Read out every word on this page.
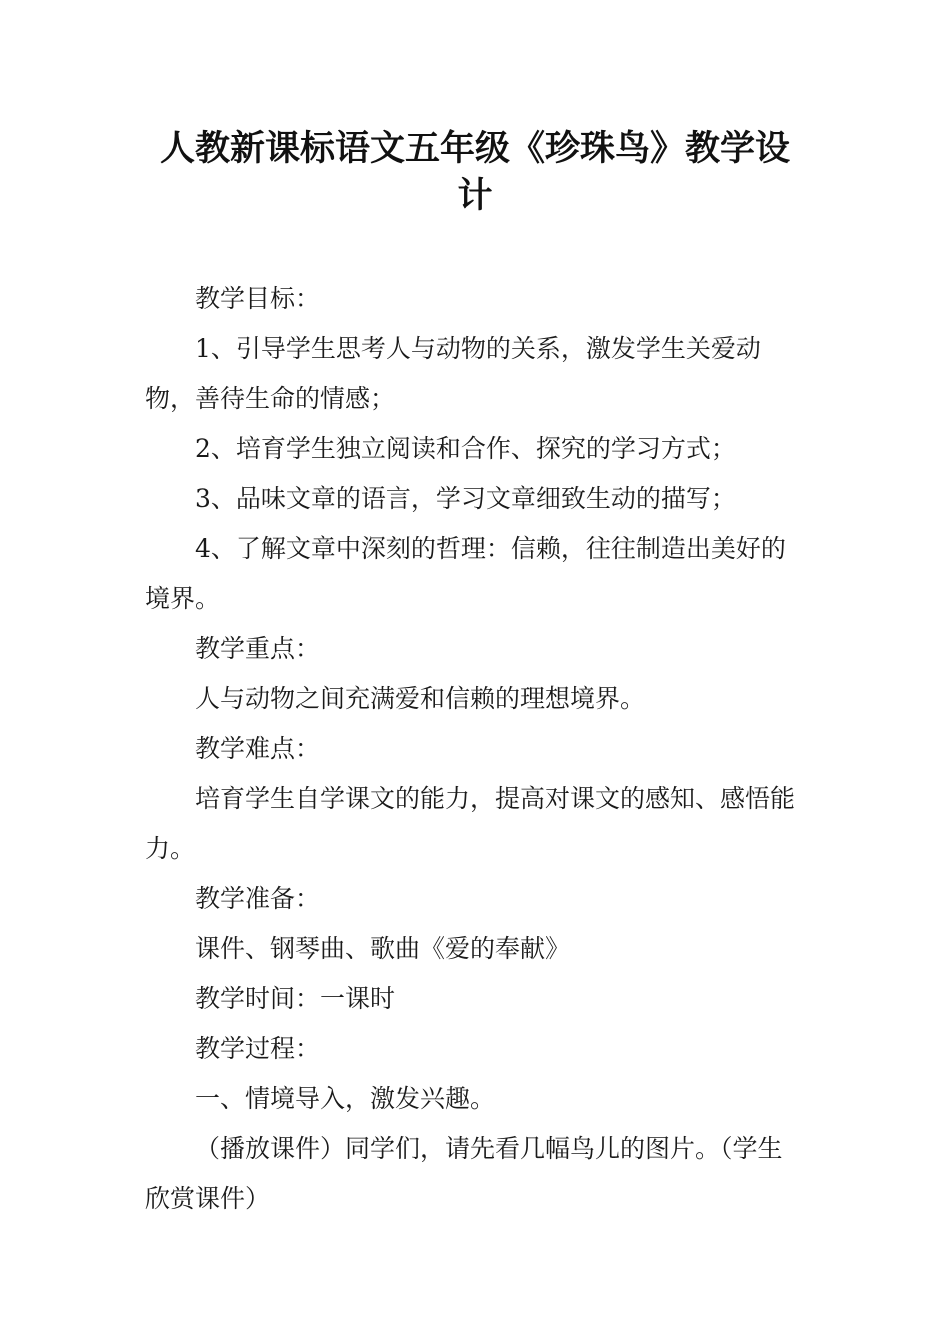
人教新课标语文五年级《珍珠鸟》教学设计

教学目标：

1、引导学生思考人与动物的关系，激发学生关爱动物，善待生命的情感；

2、培育学生独立阅读和合作、探究的学习方式；

3、品味文章的语言，学习文章细致生动的描写；

4、了解文章中深刻的哲理：信赖，往往制造出美好的境界。

教学重点：

人与动物之间充满爱和信赖的理想境界。

教学难点：

培育学生自学课文的能力，提高对课文的感知、感悟能力。

教学准备：

课件、钢琴曲、歌曲《爱的奉献》

教学时间：一课时

教学过程：

一、情境导入，激发兴趣。

（播放课件）同学们，请先看几幅鸟儿的图片。（学生欣赏课件）
